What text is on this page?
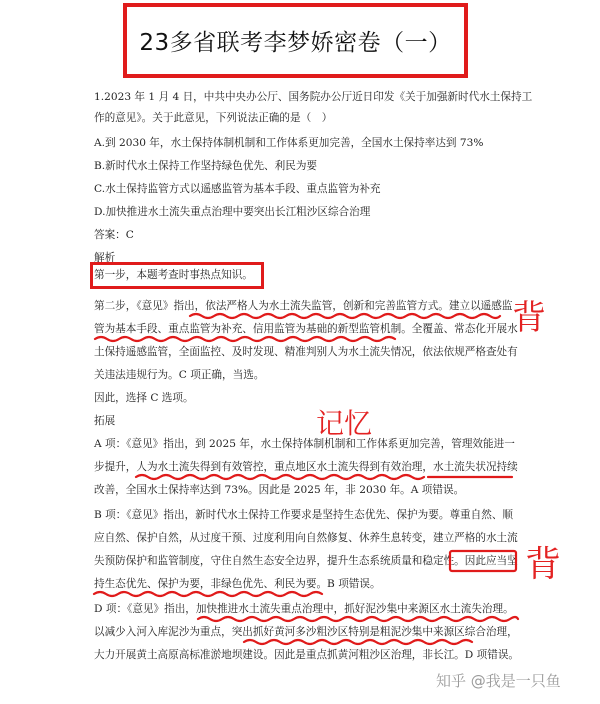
23多省联考李梦娇密卷（一）
1.2023 年 1 月 4 日，中共中央办公厅、国务院办公厅近日印发《关于加强新时代水土保持工
作的意见》。关于此意见，下列说法正确的是（　）
A.到 2030 年，水土保持体制机制和工作体系更加完善，全国水土保持率达到 73%
B.新时代水土保持工作坚持绿色优先、利民为要
C.水土保持监管方式以遥感监管为基本手段、重点监管为补充
D.加快推进水土流失重点治理中要突出长江粗沙区综合治理
答案：C
解析
第一步，本题考查时事热点知识。
第二步，《意见》指出，依法严格人为水土流失监管，创新和完善监管方式。建立以遥感监
管为基本手段、重点监管为补充、信用监管为基础的新型监管机制。全覆盖、常态化开展水
土保持遥感监管，全面监控、及时发现、精准判别人为水土流失情况，依法依规严格查处有
关违法违规行为。C 项正确，当选。
因此，选择 C 选项。
拓展
A 项：《意见》指出，到 2025 年，水土保持体制机制和工作体系更加完善，管理效能进一
步提升，人为水土流失得到有效管控，重点地区水土流失得到有效治理，水土流失状况持续
改善，全国水土保持率达到 73%。因此是 2025 年，非 2030 年。A 项错误。
B 项：《意见》指出，新时代水土保持工作要求是坚持生态优先、保护为要。尊重自然、顺
应自然、保护自然，从过度干预、过度利用向自然修复、休养生息转变，建立严格的水土流
失预防保护和监管制度，守住自然生态安全边界，提升生态系统质量和稳定性。因此应当坚
持生态优先、保护为要，非绿色优先、利民为要。B 项错误。
D 项：《意见》指出，加快推进水土流失重点治理中，抓好泥沙集中来源区水土流失治理。
以减少入河入库泥沙为重点，突出抓好黄河多沙粗沙区特别是粗泥沙集中来源区综合治理，
大力开展黄土高原高标准淤地坝建设。因此是重点抓黄河粗沙区治理，非长江。D 项错误。
背
记忆
背
知乎 @我是一只鱼
